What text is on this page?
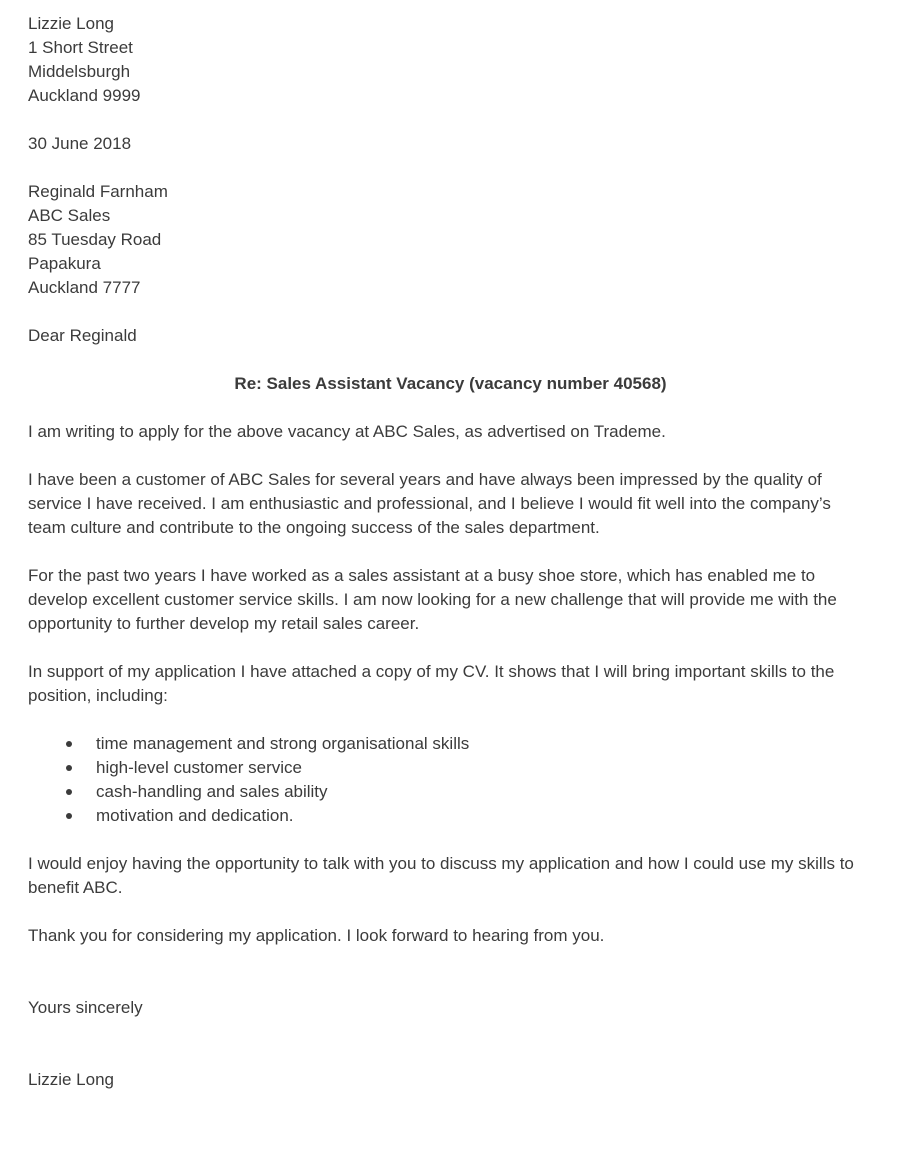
Lizzie Long
1 Short Street
Middelsburgh
Auckland 9999
30 June 2018
Reginald Farnham
ABC Sales
85 Tuesday Road
Papakura
Auckland 7777
Dear Reginald
Re: Sales Assistant Vacancy (vacancy number 40568)

I am writing to apply for the above vacancy at ABC Sales, as advertised on Trademe.

I have been a customer of ABC Sales for several years and have always been impressed by the quality of service I have received. I am enthusiastic and professional, and I believe I would fit well into the company’s team culture and contribute to the ongoing success of the sales department.

For the past two years I have worked as a sales assistant at a busy shoe store, which has enabled me to develop excellent customer service skills. I am now looking for a new challenge that will provide me with the opportunity to further develop my retail sales career.

In support of my application I have attached a copy of my CV. It shows that I will bring important skills to the position, including:

time management and strong organisational skills
high-level customer service
cash-handling and sales ability
motivation and dedication.

I would enjoy having the opportunity to talk with you to discuss my application and how I could use my skills to benefit ABC.

Thank you for considering my application. I look forward to hearing from you.

Yours sincerely
Lizzie Long
